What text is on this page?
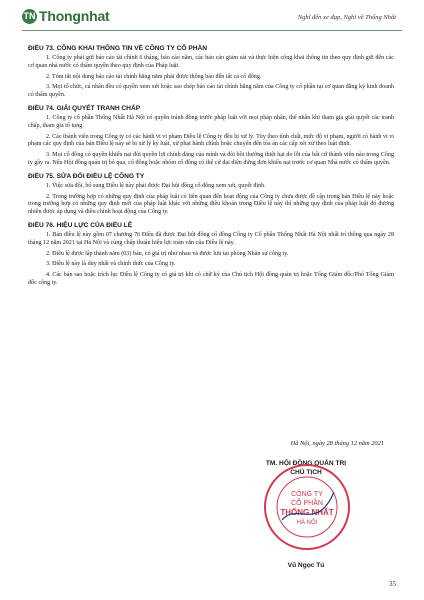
TN Thongnhat	Nghĩ đến xe đạp, Nghĩ về Thống Nhất
ĐIỀU 73. CÔNG KHAI THÔNG TIN VỀ CÔNG TY CỔ PHẦN

1. Công ty phải gửi báo cáo tài chính 6 tháng, báo cáo năm, các báo cáo giám sát và thực hiện công khai thông tin theo quy định gửi đến các cơ quan nhà nước có thẩm quyền theo quy định của Pháp luật.

2. Tóm tắt nội dung báo cáo tài chính hằng năm phải được thông báo đến tất cả cổ đông.

3. Mọi tổ chức, cá nhân đều có quyền xem xét hoặc sao chép báo cáo tài chính hằng năm của Công ty cổ phần tại cơ quan đăng ký kinh doanh có thẩm quyền.

ĐIỀU 74. GIẢI QUYẾT TRANH CHẤP

1. Công ty cổ phần Thống Nhất Hà Nội có quyền tránh đồng trước pháp luật với mọi pháp nhân, thể nhân khi tham gia giải quyết các tranh chấp, tham gia tố tụng.

2. Các thành viên trong Công ty có các hành vi vi phạm Điều lệ Công ty đều bị xử lý. Tùy theo tính chất, mức độ vi phạm, người có hành vi vi phạm các quy định của bản Điều lệ này sẽ bị xử lý kỷ luật, xử phạt hành chính hoặc chuyển đến tòa án các cấp xét xử theo luật định.

3. Mọi cổ đông có quyền khiếu nại đòi quyền lợi chính đáng của mình và đòi bồi thường thiệt hại do lỗi của bất cứ thành viên nào trong Công ty gây ra. Nếu Hội đồng quản trị bỏ qua, cổ đông hoặc nhóm cổ đông có thể cử đại diện đứng đơn khiếu nại trước cơ quan Nhà nước có thẩm quyền.

ĐIỀU 75. SỬA ĐỔI ĐIỀU LỆ CÔNG TY

1. Việc sửa đổi, bổ sung Điều lệ này phải được Đại hội đồng cổ đông xem xét, quyết định.

2. Trong trường hợp có những quy định của pháp luật có liên quan đến hoạt động của Công ty chưa được đề cập trong bản Điều lệ này hoặc trong trường hợp có những quy định mới của pháp luật khác với những điều khoản trong Điều lệ này thì những quy định của pháp luật đó đương nhiên được áp dụng và điều chỉnh hoạt động của Công ty.

ĐIỀU 76. HIỆU LỰC CỦA ĐIỀU LỆ

1. Bản điều lệ này gồm 07 chương 76 Điều đã được Đại hội đồng cổ đông Công ty Cổ phần Thống Nhất Hà Nội nhất trí thông qua ngày 28 tháng 12 năm 2021 tại Hà Nội và cùng chấp thuận hiệu lực toàn văn của Điều lệ này.

2. Điều lệ được lập thành năm (03) bản, có giá trị như nhau và được lưu tại phòng Nhân sự công ty.

3. Điều lệ này là duy nhất và chính thức của Công ty.

4. Các bản sao hoặc trích lục Điều lệ Công ty có giá trị khi có chữ ký của Chủ tịch Hội đồng quản trị hoặc Tổng Giám đốc/Phó Tổng Giám đốc công ty.

Hà Nội, ngày 28 tháng 12 năm 2021
TM. HỘI ĐỒNG QUẢN TRỊ
CHỦ TỊCH
CÔNG TY
CỔ PHẦN
THỐNG NHẤT
HÀ NỘI
Vũ Ngọc Tú
35
